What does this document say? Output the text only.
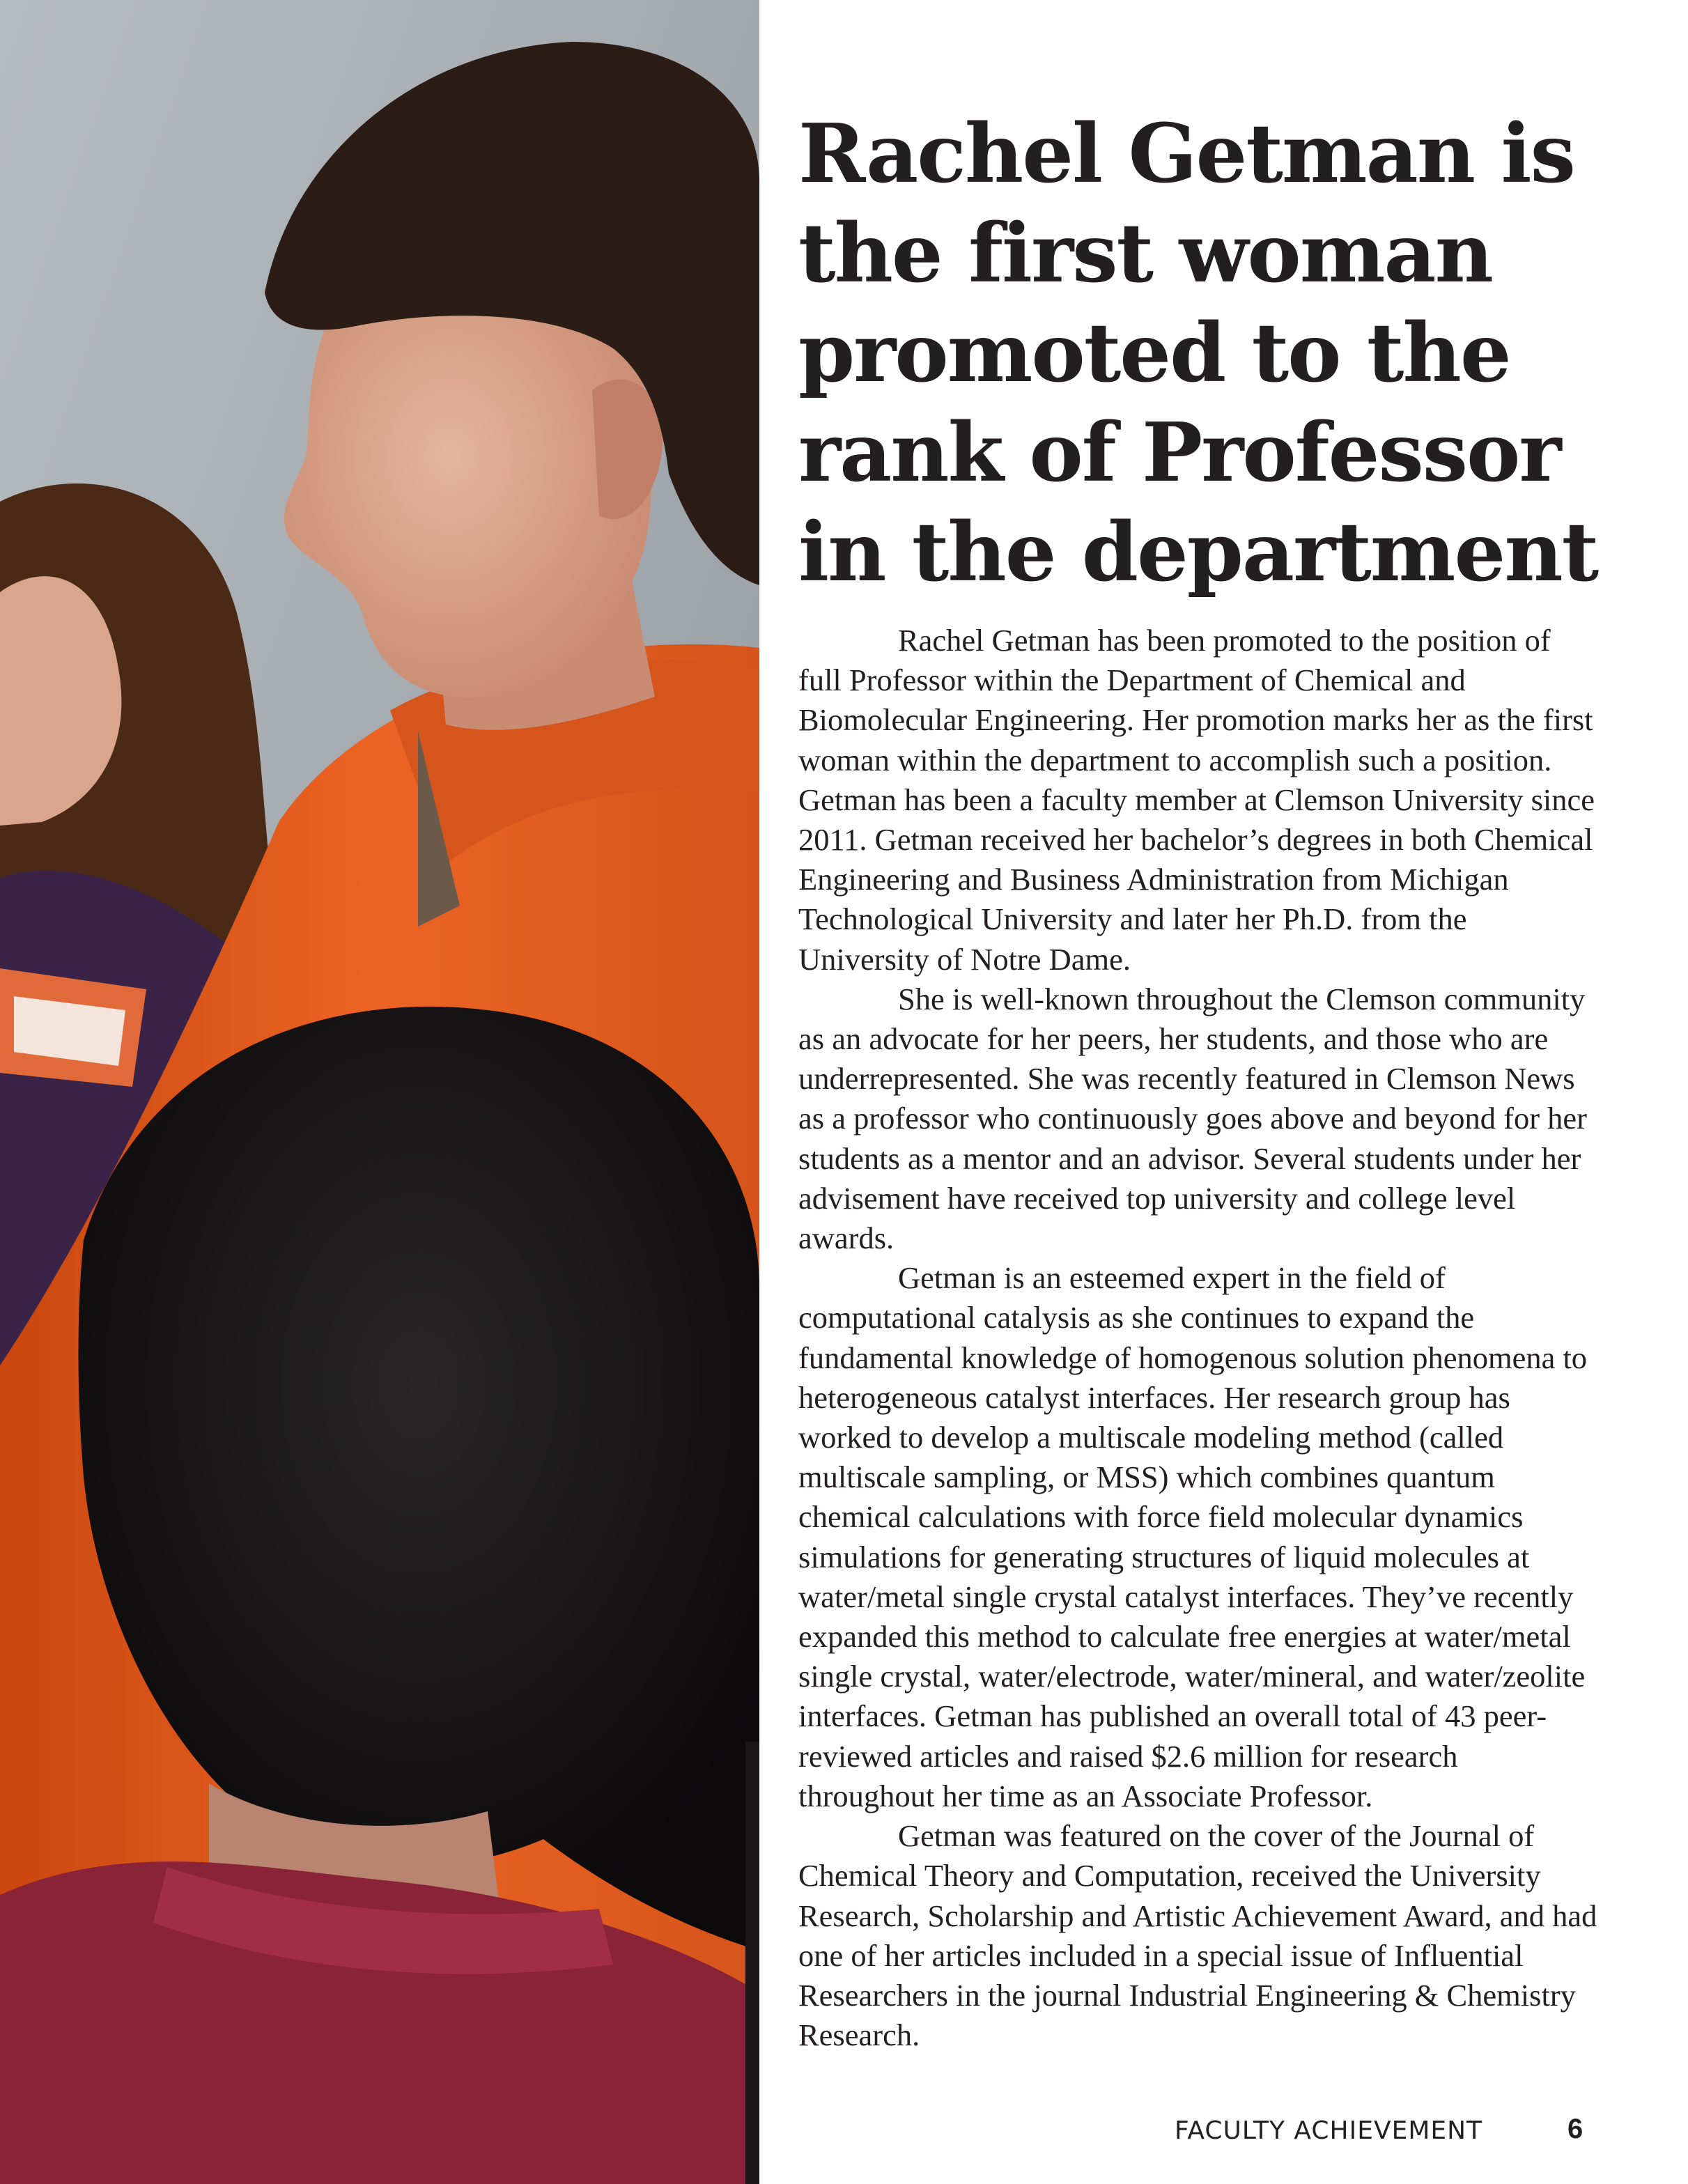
Rachel Getman is
the first woman
promoted to the
rank of Professor
in the department

Rachel Getman has been promoted to the position of full Professor within the Department of Chemical and Biomolecular Engineering. Her promotion marks her as the first woman within the department to accomplish such a position. Getman has been a faculty member at Clemson University since 2011. Getman received her bachelor’s degrees in both Chemical Engineering and Business Administration from Michigan Technological University and later her Ph.D. from the University of Notre Dame.

She is well-known throughout the Clemson community as an advocate for her peers, her students, and those who are underrepresented. She was recently featured in Clemson News as a professor who continuously goes above and beyond for her students as a mentor and an advisor. Several students under her advisement have received top university and college level awards.

Getman is an esteemed expert in the field of computational catalysis as she continues to expand the fundamental knowledge of homogenous solution phenomena to heterogeneous catalyst interfaces. Her research group has worked to develop a multiscale modeling method (called multiscale sampling, or MSS) which combines quantum chemical calculations with force field molecular dynamics simulations for generating structures of liquid molecules at water/metal single crystal catalyst interfaces. They’ve recently expanded this method to calculate free energies at water/metal single crystal, water/electrode, water/mineral, and water/zeolite interfaces. Getman has published an overall total of 43 peer-reviewed articles and raised $2.6 million for research throughout her time as an Associate Professor.

Getman was featured on the cover of the Journal of Chemical Theory and Computation, received the University Research, Scholarship and Artistic Achievement Award, and had one of her articles included in a special issue of Influential Researchers in the journal Industrial Engineering & Chemistry Research.

FACULTY ACHIEVEMENT	6
